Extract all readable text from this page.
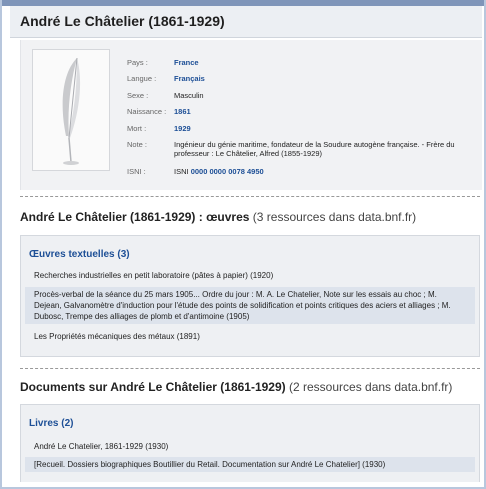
André Le Châtelier (1861-1929)
Pays :	France
Langue :	Français
Sexe :	Masculin
Naissance :	1861
Mort :	1929
Note :	Ingénieur du génie maritime, fondateur de la Soudure autogène française. - Frère du professeur : Le Châtelier, Alfred (1855-1929)
ISNI :	ISNI 0000 0000 0078 4950
André Le Châtelier (1861-1929) : œuvres (3 ressources dans data.bnf.fr)
Œuvres textuelles (3)
Recherches industrielles en petit laboratoire (pâtes à papier) (1920)
Procès-verbal de la séance du 25 mars 1905... Ordre du jour : M. A. Le Chatelier, Note sur les essais au choc ; M. Dejean, Galvanomètre d'induction pour l'étude des points de solidification et points critiques des aciers et alliages ; M. Dubosc, Trempe des alliages de plomb et d'antimoine (1905)
Les Propriétés mécaniques des métaux (1891)
Documents sur André Le Châtelier (1861-1929) (2 ressources dans data.bnf.fr)
Livres (2)
André Le Chatelier, 1861-1929 (1930)
[Recueil. Dossiers biographiques Boutillier du Retail. Documentation sur André Le Chatelier] (1930)
